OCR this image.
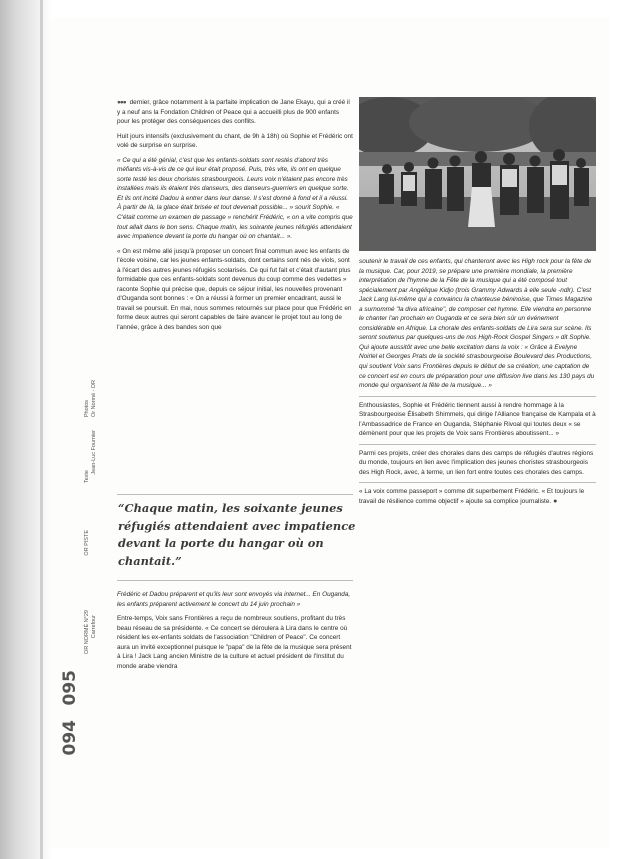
OR NORMÉ N°29 Carrefour
OR PISTE
Texte
Jean-Luc Fournier
Photos Or Normé - DR
094
095

●●● dernier, grâce notamment à la parfaite implication de Jane Ekayu, qui a créé il y a neuf ans la Fondation Children of Peace qui a accueilli plus de 900 enfants pour les protéger des conséquences des conflits.

Huit jours intensifs (exclusivement du chant, de 9h à 18h) où Sophie et Frédéric ont volé de surprise en surprise.

« Ce qui a été génial, c'est que les enfants-soldats sont restés d'abord très méfiants vis-à-vis de ce qui leur était proposé. Puis, très vite, ils ont en quelque sorte testé les deux choristes strasbourgeois. Leurs voix n'étaient pas encore très installées mais ils étaient très danseurs, des danseurs-guerriers en quelque sorte. Et ils ont incité Dadou à entrer dans leur danse. Il s'est donné à fond et il a réussi. À partir de là, la glace était brisée et tout devenait possible... » sourit Sophie. « C'était comme un examen de passage » renchérit Frédéric, « on a vite compris que tout allait dans le bon sens. Chaque matin, les soixante jeunes réfugiés attendaient avec impatience devant la porte du hangar où on chantait... ».

« On est même allé jusqu'à proposer un concert final commun avec les enfants de l'école voisine, car les jeunes enfants-soldats, dont certains sont nés de viols, sont à l'écart des autres jeunes réfugiés scolarisés. Ce qui fut fait et c'était d'autant plus formidable que ces enfants-soldats sont devenus du coup comme des vedettes » raconte Sophie qui précise que, depuis ce séjour initial, les nouvelles provenant d'Ouganda sont bonnes : « On a réussi à former un premier encadrant, aussi le travail se poursuit. En mai, nous sommes retournés sur place pour que Frédéric en forme deux autres qui seront capables de faire avancer le projet tout au long de l'année, grâce à des bandes son que

“Chaque matin, les soixante jeunes réfugiés attendaient avec impatience devant la porte du hangar où on chantait.”

Frédéric et Dadou préparent et qu'ils leur sont envoyés via internet... En Ouganda, les enfants préparent activement le concert du 14 juin prochain »

Entre-temps, Voix sans Frontières a reçu de nombreux soutiens, profitant du très beau réseau de sa présidente. « Ce concert se déroulera à Lira dans le centre où résident les ex-enfants soldats de l'association "Children of Peace". Ce concert aura un invité exceptionnel puisque le "papa" de la fête de la musique sera présent à Lira ! Jack Lang ancien Ministre de la culture et actuel président de l'Institut du monde arabe viendra

soutenir le travail de ces enfants, qui chanteront avec les High rock pour la fête de la musique. Car, pour 2019, se prépare une première mondiale, la première interprétation de l'hymne de la Fête de la musique qui a été composé tout spécialement par Angélique Kidjo (trois Grammy Adwards à elle seule -ndlr). C'est Jack Lang lui-même qui a convaincu la chanteuse béninoise, que Times Magazine a surnommé "la diva africaine", de composer cet hymne. Elle viendra en personne le chanter l'an prochain en Ouganda et ce sera bien sûr un événement considérable en Afrique. La chorale des enfants-soldats de Lira sera sur scène. Ils seront soutenus par quelques-uns de nos High-Rock Gospel Singers » dit Sophie. Qui ajoute aussitôt avec une belle excitation dans la voix : « Grâce à Evelyne Noirlel et Georges Prats de la société strasbourgeoise Boulevard des Productions, qui soutient Voix sans Frontières depuis le début de sa création, une captation de ce concert est en cours de préparation pour une diffusion live dans les 130 pays du monde qui organisent la fête de la musique... »

Enthousiastes, Sophie et Frédéric tiennent aussi à rendre hommage à la Strasbourgeoise Élisabeth Shimmels, qui dirige l'Alliance française de Kampala et à l'Ambassadrice de France en Ouganda, Stéphanie Rivoal qui toutes deux « se démènent pour que les projets de Voix sans Frontières aboutissent... »

Parmi ces projets, créer des chorales dans des camps de réfugiés d'autres régions du monde, toujours en lien avec l'implication des jeunes choristes strasbourgeois des High Rock, avec, à terme, un lien fort entre toutes ces chorales des camps.

« La voix comme passeport » comme dit superbement Frédéric. « Et toujours le travail de résilience comme objectif » ajoute sa complice journaliste. ●
